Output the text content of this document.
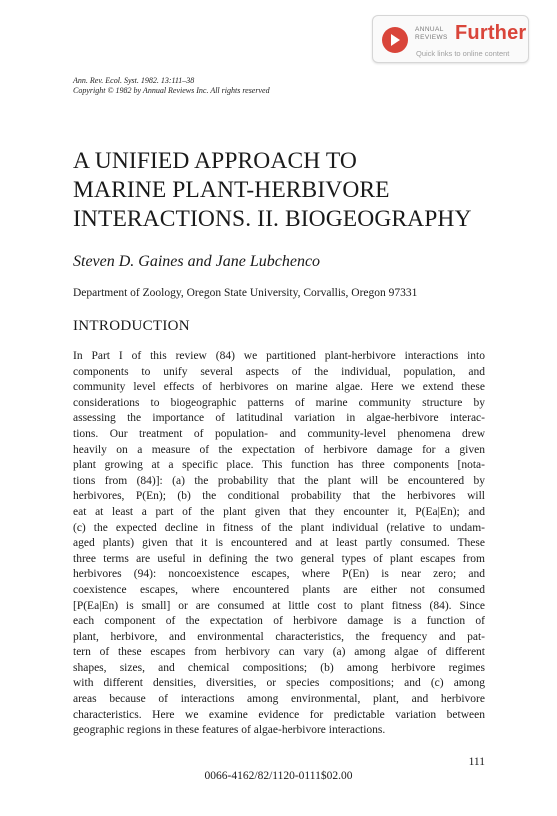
ANNUAL
REVIEWS Further
Quick links to online content
Ann. Rev. Ecol. Syst. 1982. 13:111–38
Copyright © 1982 by Annual Reviews Inc. All rights reserved
A UNIFIED APPROACH TO
MARINE PLANT-HERBIVORE
INTERACTIONS. II. BIOGEOGRAPHY
Steven D. Gaines and Jane Lubchenco
Department of Zoology, Oregon State University, Corvallis, Oregon 97331
INTRODUCTION
In Part I of this review (84) we partitioned plant-herbivore interactions into
components to unify several aspects of the individual, population, and
community level effects of herbivores on marine algae. Here we extend these
considerations to biogeographic patterns of marine community structure by
assessing the importance of latitudinal variation in algae-herbivore interac-
tions. Our treatment of population- and community-level phenomena drew
heavily on a measure of the expectation of herbivore damage for a given
plant growing at a specific place. This function has three components [nota-
tions from (84)]: (a) the probability that the plant will be encountered by
herbivores, P(En); (b) the conditional probability that the herbivores will
eat at least a part of the plant given that they encounter it, P(Ea|En); and
(c) the expected decline in fitness of the plant individual (relative to undam-
aged plants) given that it is encountered and at least partly consumed. These
three terms are useful in defining the two general types of plant escapes from
herbivores (94): noncoexistence escapes, where P(En) is near zero; and
coexistence escapes, where encountered plants are either not consumed
[P(Ea|En) is small] or are consumed at little cost to plant fitness (84). Since
each component of the expectation of herbivore damage is a function of
plant, herbivore, and environmental characteristics, the frequency and pat-
tern of these escapes from herbivory can vary (a) among algae of different
shapes, sizes, and chemical compositions; (b) among herbivore regimes
with different densities, diversities, or species compositions; and (c) among
areas because of interactions among environmental, plant, and herbivore
characteristics. Here we examine evidence for predictable variation between
geographic regions in these features of algae-herbivore interactions.
111
0066-4162/82/1120-0111$02.00
